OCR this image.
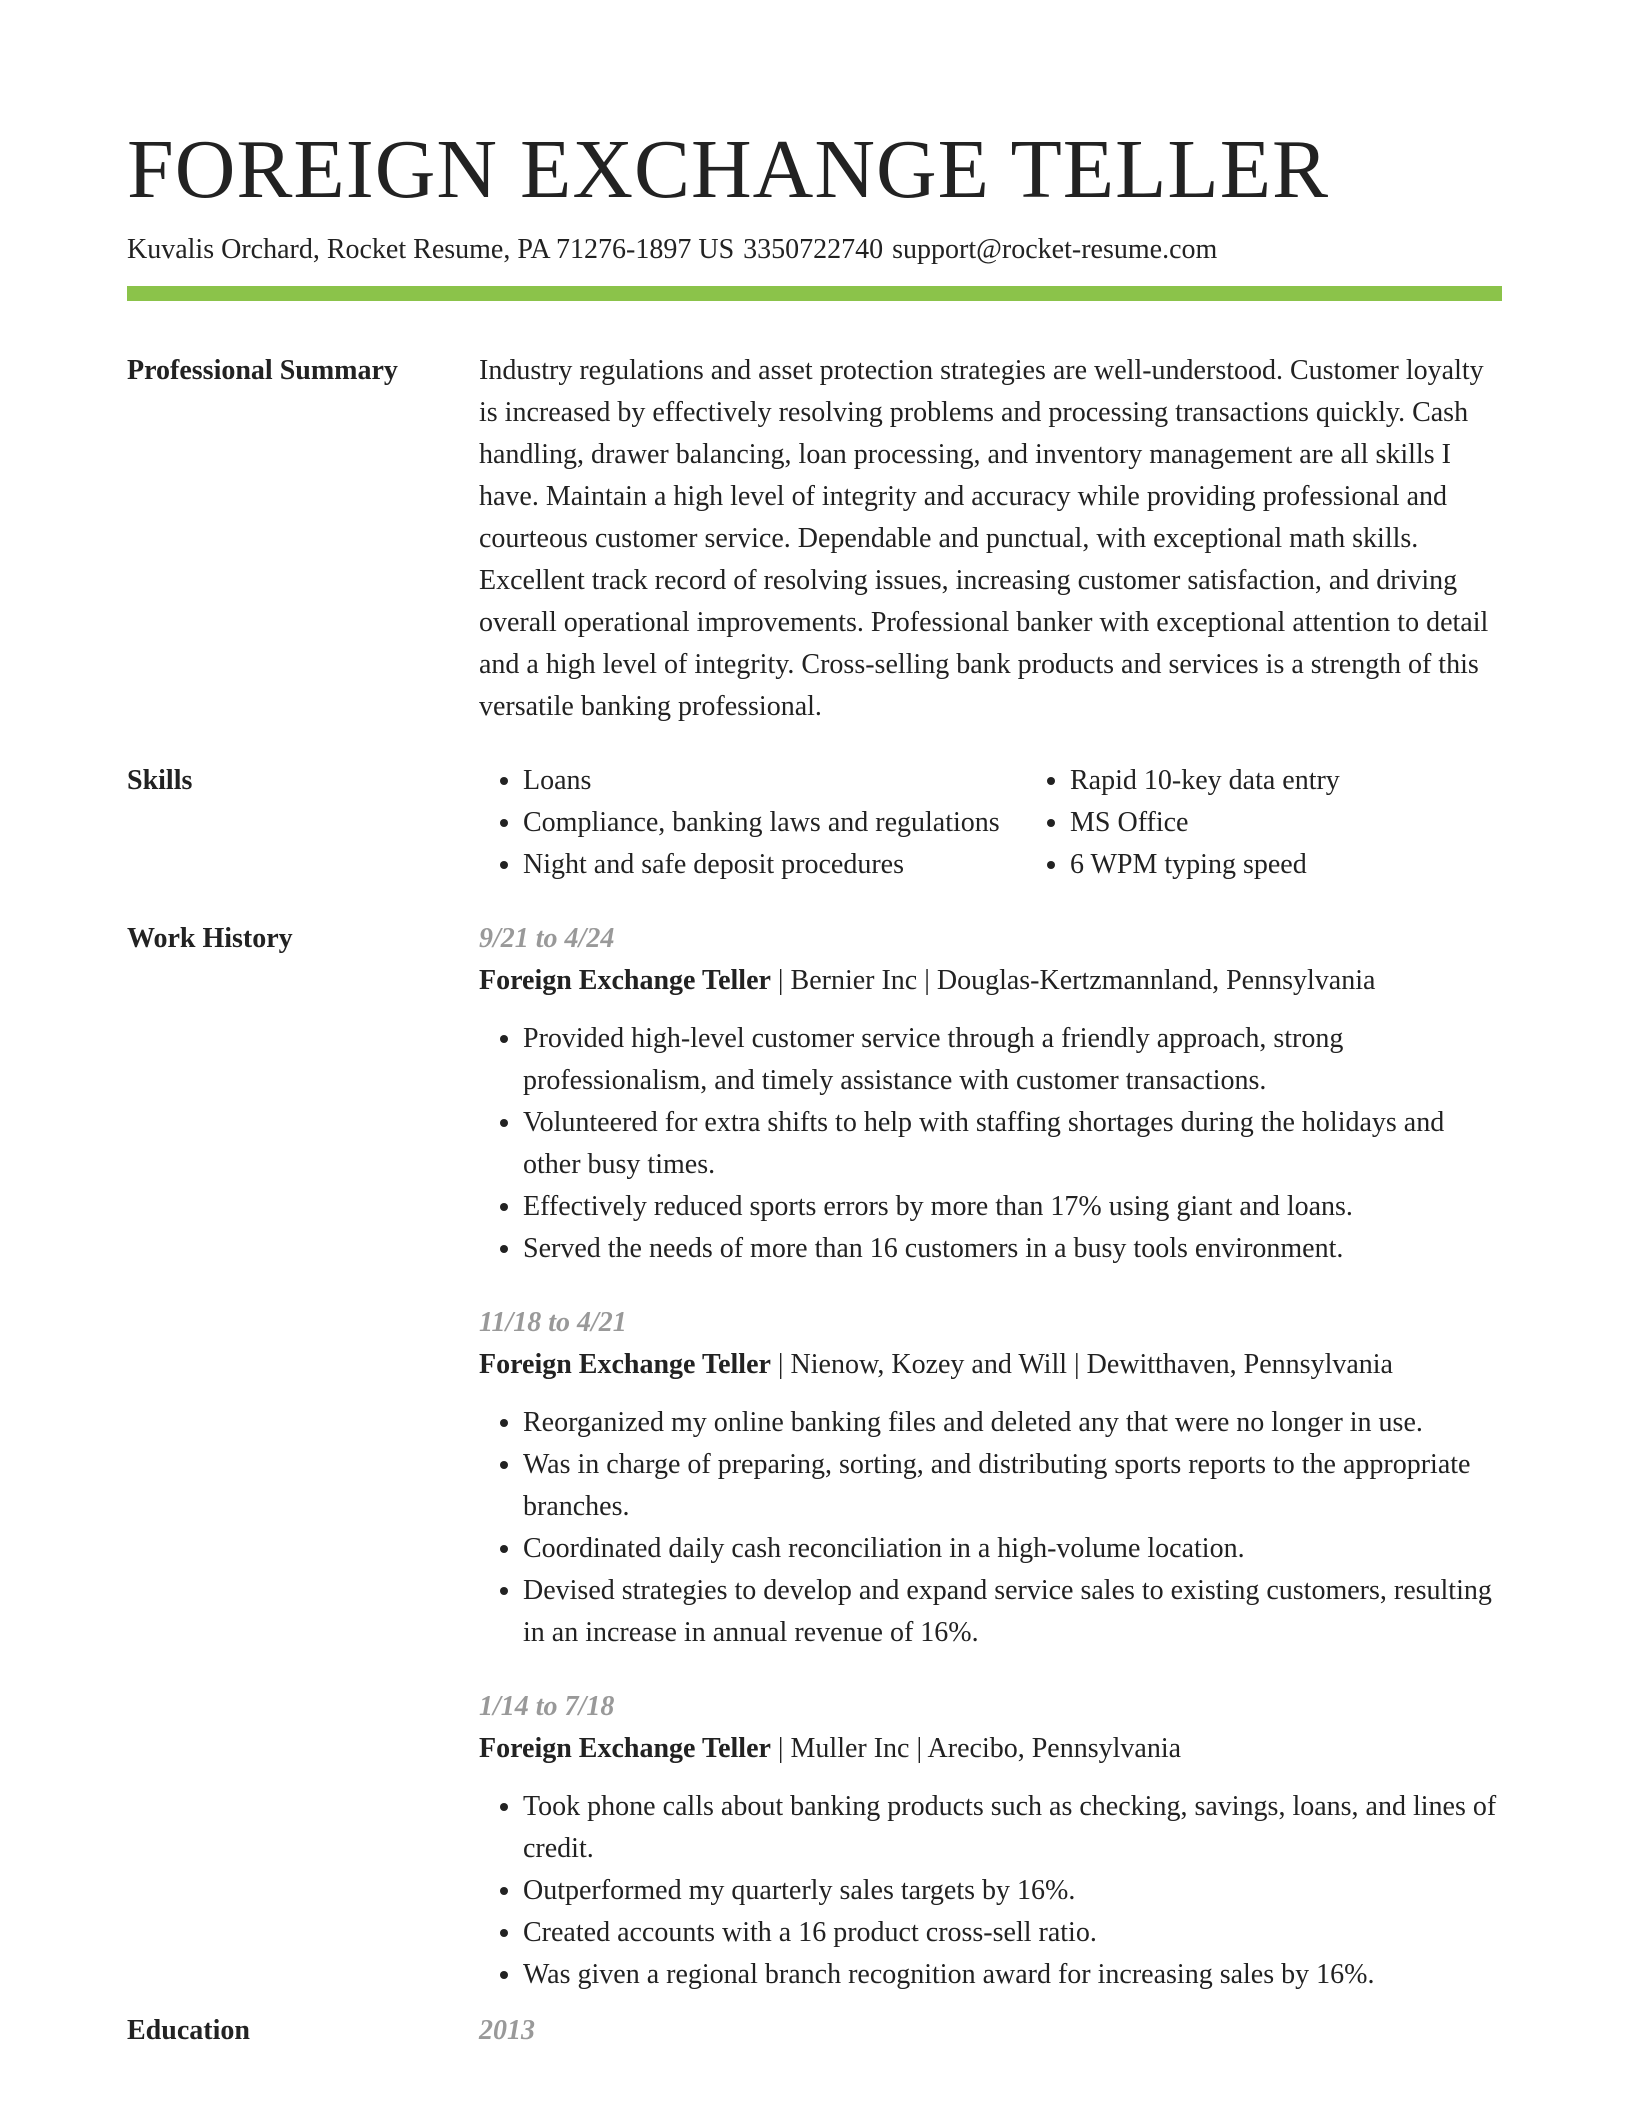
FOREIGN EXCHANGE TELLER
Kuvalis Orchard, Rocket Resume, PA 71276-1897 US 3350722740 support@rocket-resume.com
Professional Summary	Industry regulations and asset protection strategies are well-understood. Customer loyalty is increased by effectively resolving problems and processing transactions quickly. Cash handling, drawer balancing, loan processing, and inventory management are all skills I have. Maintain a high level of integrity and accuracy while providing professional and courteous customer service. Dependable and punctual, with exceptional math skills. Excellent track record of resolving issues, increasing customer satisfaction, and driving overall operational improvements. Professional banker with exceptional attention to detail and a high level of integrity. Cross-selling bank products and services is a strength of this versatile banking professional.

Skills
•	Loans
• Compliance, banking laws and regulations
• Night and safe deposit procedures
• Rapid 10-key data entry
• MS Office
• 6 WPM typing speed
Work History	9/21 to 4/24
Foreign Exchange Teller | Bernier Inc | Douglas-Kertzmannland, Pennsylvania
• Provided high-level customer service through a friendly approach, strong professionalism, and timely assistance with customer transactions.
• Volunteered for extra shifts to help with staffing shortages during the holidays and other busy times.
• Effectively reduced sports errors by more than 17% using giant and loans.
• Served the needs of more than 16 customers in a busy tools environment.
11/18 to 4/21
Foreign Exchange Teller | Nienow, Kozey and Will | Dewitthaven, Pennsylvania
• Reorganized my online banking files and deleted any that were no longer in use.
• Was in charge of preparing, sorting, and distributing sports reports to the appropriate branches.
• Coordinated daily cash reconciliation in a high-volume location.
• Devised strategies to develop and expand service sales to existing customers, resulting in an increase in annual revenue of 16%.
1/14 to 7/18
Foreign Exchange Teller | Muller Inc | Arecibo, Pennsylvania
• Took phone calls about banking products such as checking, savings, loans, and lines of credit.
• Outperformed my quarterly sales targets by 16%.
• Created accounts with a 16 product cross-sell ratio.
• Was given a regional branch recognition award for increasing sales by 16%.
Education	2013
